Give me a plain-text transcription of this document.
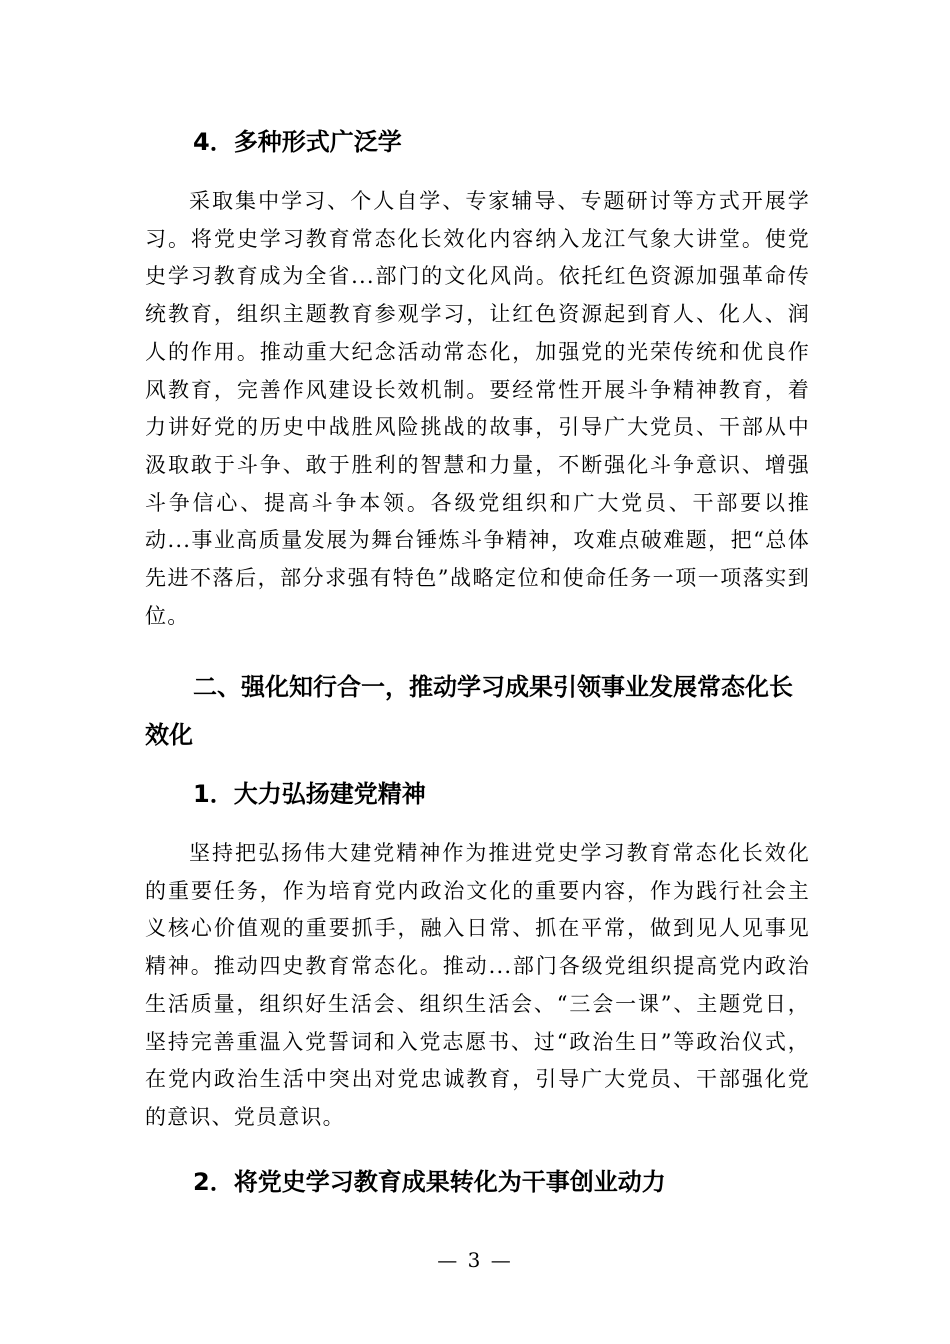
4．多种形式广泛学

采取集中学习、个人自学、专家辅导、专题研讨等方式开展学习。将党史学习教育常态化长效化内容纳入龙江气象大讲堂。使党史学习教育成为全省...部门的文化风尚。依托红色资源加强革命传统教育，组织主题教育参观学习，让红色资源起到育人、化人、润人的作用。推动重大纪念活动常态化，加强党的光荣传统和优良作风教育，完善作风建设长效机制。要经常性开展斗争精神教育，着力讲好党的历史中战胜风险挑战的故事，引导广大党员、干部从中汲取敢于斗争、敢于胜利的智慧和力量，不断强化斗争意识、增强斗争信心、提高斗争本领。各级党组织和广大党员、干部要以推动...事业高质量发展为舞台锤炼斗争精神，攻难点破难题，把“总体先进不落后，部分求强有特色”战略定位和使命任务一项一项落实到位。

二、强化知行合一，推动学习成果引领事业发展常态化长效化
1．大力弘扬建党精神

坚持把弘扬伟大建党精神作为推进党史学习教育常态化长效化的重要任务，作为培育党内政治文化的重要内容，作为践行社会主义核心价值观的重要抓手，融入日常、抓在平常，做到见人见事见精神。推动四史教育常态化。推动...部门各级党组织提高党内政治生活质量，组织好生活会、组织生活会、“三会一课”、主题党日，坚持完善重温入党誓词和入党志愿书、过“政治生日”等政治仪式，在党内政治生活中突出对党忠诚教育，引导广大党员、干部强化党的意识、党员意识。

2．将党史学习教育成果转化为干事创业动力
— 3 —
